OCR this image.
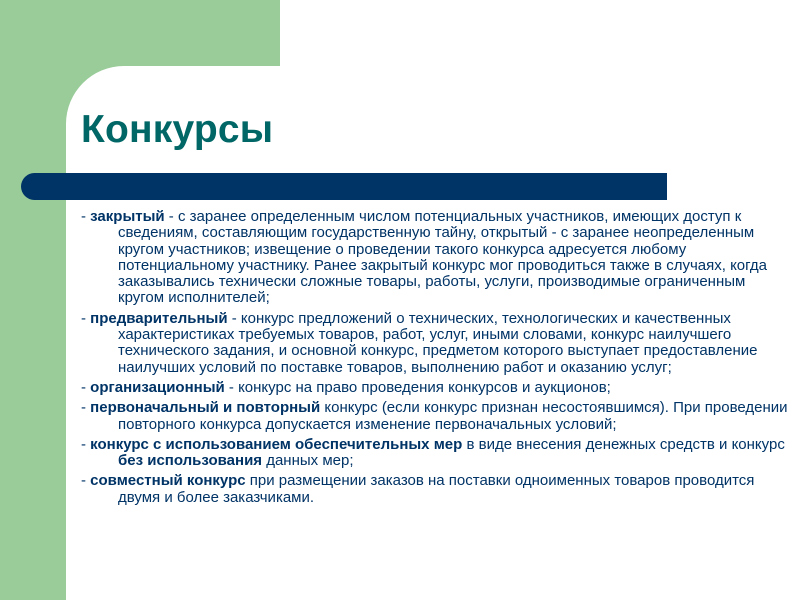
Конкурсы
- закрытый - с заранее определенным числом потенциальных участников, имеющих доступ к сведениям, составляющим государственную тайну, открытый - с заранее неопределенным кругом участников; извещение о проведении такого конкурса адресуется любому потенциальному участнику. Ранее закрытый конкурс мог проводиться также в случаях, когда заказывались технически сложные товары, работы, услуги, производимые ограниченным кругом исполнителей;
- предварительный - конкурс предложений о технических, технологических и качественных характеристиках требуемых товаров, работ, услуг, иными словами, конкурс наилучшего технического задания, и основной конкурс, предметом которого выступает предоставление наилучших условий по поставке товаров, выполнению работ и оказанию услуг;
- организационный - конкурс на право проведения конкурсов и аукционов;
- первоначальный и повторный конкурс (если конкурс признан несостоявшимся). При проведении повторного конкурса допускается изменение первоначальных условий;
- конкурс с использованием обеспечительных мер в виде внесения денежных средств и конкурс без использования данных мер;
- совместный конкурс при размещении заказов на поставки одноименных товаров проводится двумя и более заказчиками.
